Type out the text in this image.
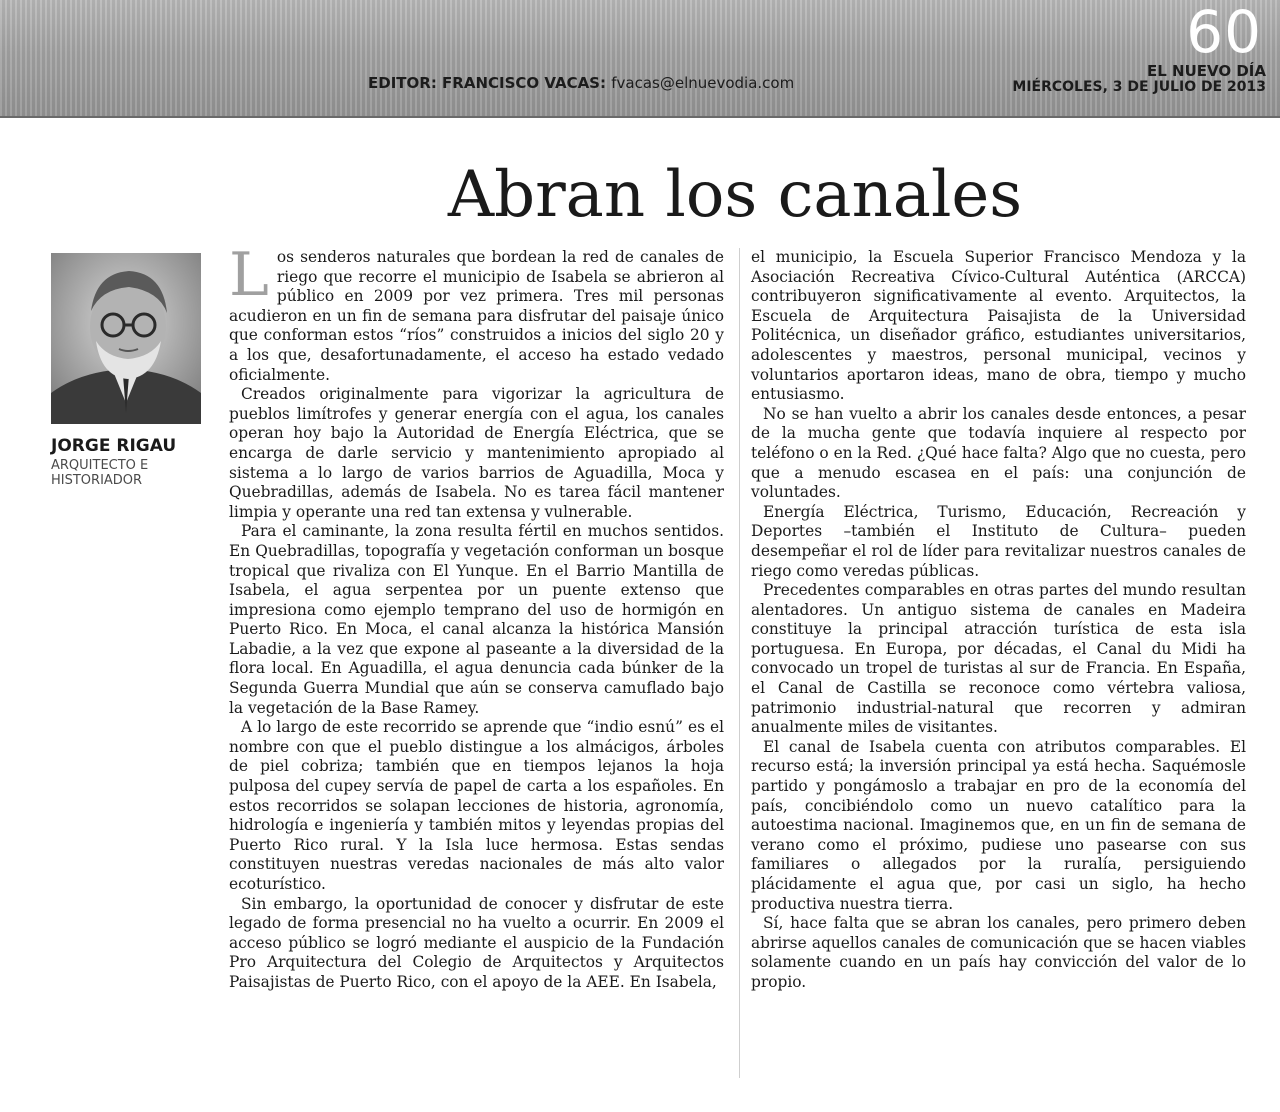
60
EDITOR: FRANCISCO VACAS: fvacas@elnuevodia.com
EL NUEVO DÍA
MIÉRCOLES, 3 DE JULIO DE 2013
Abran los canales
JORGE RIGAU
ARQUITECTO E HISTORIADOR

Los senderos naturales que bordean la red de canales de riego que recorre el municipio de Isabela se abrieron al público en 2009 por vez primera. Tres mil personas acudieron en un fin de semana para disfrutar del paisaje único que conforman estos “ríos” construidos a inicios del siglo 20 y a los que, desafortunadamente, el acceso ha estado vedado oficialmente.

Creados originalmente para vigorizar la agricultura de pueblos limítrofes y generar energía con el agua, los canales operan hoy bajo la Autoridad de Energía Eléctrica, que se encarga de darle servicio y mantenimiento apropiado al sistema a lo largo de varios barrios de Aguadilla, Moca y Quebradillas, además de Isabela. No es tarea fácil mantener limpia y operante una red tan extensa y vulnerable.

Para el caminante, la zona resulta fértil en muchos sentidos. En Quebradillas, topografía y vegetación conforman un bosque tropical que rivaliza con El Yunque. En el Barrio Mantilla de Isabela, el agua serpentea por un puente extenso que impresiona como ejemplo temprano del uso de hormigón en Puerto Rico. En Moca, el canal alcanza la histórica Mansión Labadie, a la vez que expone al paseante a la diversidad de la flora local. En Aguadilla, el agua denuncia cada búnker de la Segunda Guerra Mundial que aún se conserva camuflado bajo la vegetación de la Base Ramey.

A lo largo de este recorrido se aprende que “indio esnú” es el nombre con que el pueblo distingue a los almácigos, árboles de piel cobriza; también que en tiempos lejanos la hoja pulposa del cupey servía de papel de carta a los españoles. En estos recorridos se solapan lecciones de historia, agronomía, hidrología e ingeniería y también mitos y leyendas propias del Puerto Rico rural. Y la Isla luce hermosa. Estas sendas constituyen nuestras veredas nacionales de más alto valor ecoturístico.

Sin embargo, la oportunidad de conocer y disfrutar de este legado de forma presencial no ha vuelto a ocurrir. En 2009 el acceso público se logró mediante el auspicio de la Fundación Pro Arquitectura del Colegio de Arquitectos y Arquitectos Paisajistas de Puerto Rico, con el apoyo de la AEE. En Isabela,

el municipio, la Escuela Superior Francisco Mendoza y la Asociación Recreativa Cívico-Cultural Auténtica (ARCCA) contribuyeron significativamente al evento. Arquitectos, la Escuela de Arquitectura Paisajista de la Universidad Politécnica, un diseñador gráfico, estudiantes universitarios, adolescentes y maestros, personal municipal, vecinos y voluntarios aportaron ideas, mano de obra, tiempo y mucho entusiasmo.

No se han vuelto a abrir los canales desde entonces, a pesar de la mucha gente que todavía inquiere al respecto por teléfono o en la Red. ¿Qué hace falta? Algo que no cuesta, pero que a menudo escasea en el país: una conjunción de voluntades.

Energía Eléctrica, Turismo, Educación, Recreación y Deportes –también el Instituto de Cultura– pueden desempeñar el rol de líder para revitalizar nuestros canales de riego como veredas públicas.

Precedentes comparables en otras partes del mundo resultan alentadores. Un antiguo sistema de canales en Madeira constituye la principal atracción turística de esta isla portuguesa. En Europa, por décadas, el Canal du Midi ha convocado un tropel de turistas al sur de Francia. En España, el Canal de Castilla se reconoce como vértebra valiosa, patrimonio industrial-natural que recorren y admiran anualmente miles de visitantes.

El canal de Isabela cuenta con atributos comparables. El recurso está; la inversión principal ya está hecha. Saquémosle partido y pongámoslo a trabajar en pro de la economía del país, concibiéndolo como un nuevo catalítico para la autoestima nacional. Imaginemos que, en un fin de semana de verano como el próximo, pudiese uno pasearse con sus familiares o allegados por la ruralía, persiguiendo plácidamente el agua que, por casi un siglo, ha hecho productiva nuestra tierra.

Sí, hace falta que se abran los canales, pero primero deben abrirse aquellos canales de comunicación que se hacen viables solamente cuando en un país hay convicción del valor de lo propio.
